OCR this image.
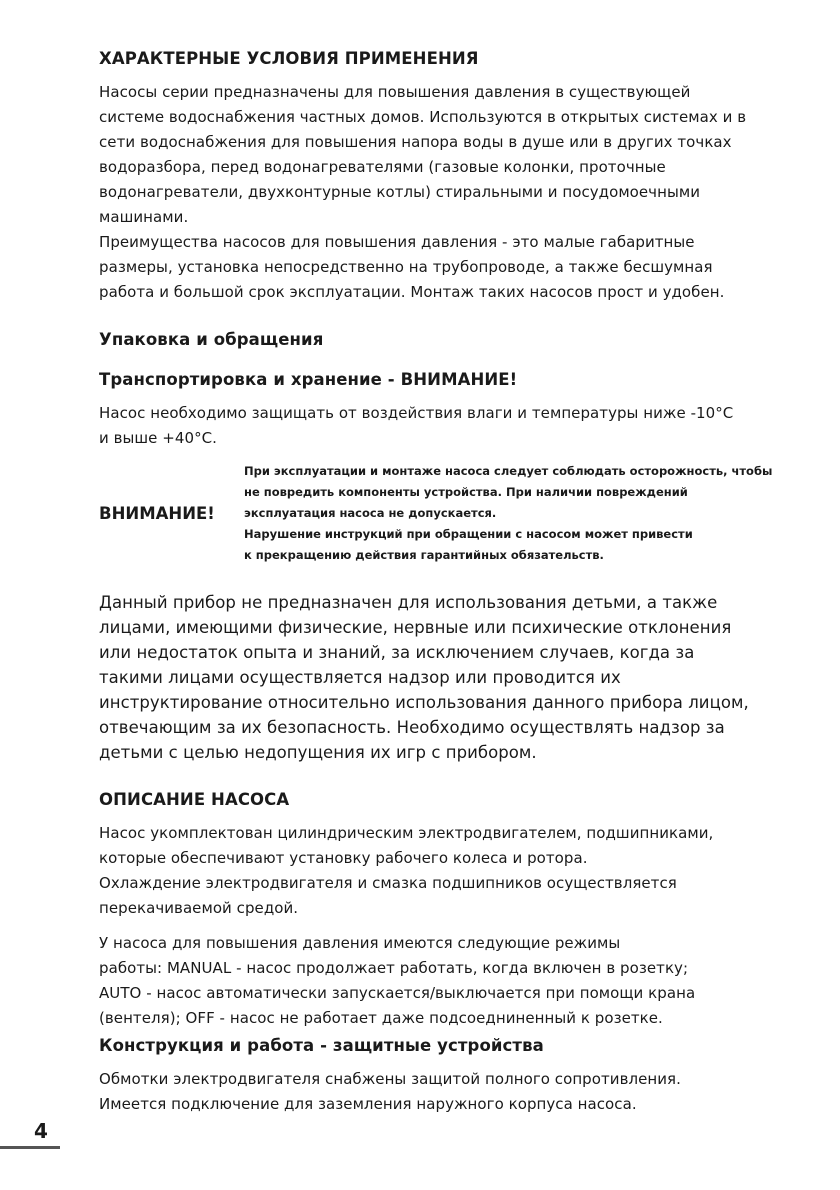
ХАРАКТЕРНЫЕ УСЛОВИЯ ПРИМЕНЕНИЯ

Насосы серии предназначены для повышения давления в существующей
системе водоснабжения частных домов. Используются в открытых системах и в
сети водоснабжения для повышения напора воды в душе или в других точках
водоразбора, перед водонагревателями (газовые колонки, проточные
водонагреватели, двухконтурные котлы) стиральными и посудомоечными
машинами.

Преимущества насосов для повышения давления - это малые габаритные
размеры, установка непосредственно на трубопроводе, а также бесшумная
работа и большой срок эксплуатации. Монтаж таких насосов прост и удобен.

Упаковка и обращения
Транспортировка и хранение - ВНИМАНИЕ!

Насос необходимо защищать от воздействия влаги и температуры ниже -10°C
и выше +40°C.

ВНИМАНИЕ!
При эксплуатации и монтаже насоса следует соблюдать осторожность, чтобы
не повредить компоненты устройства. При наличии повреждений
эксплуатация насоса не допускается.
Нарушение инструкций при обращении с насосом может привести
к прекращению действия гарантийных обязательств.

Данный прибор не предназначен для использования детьми, а также
лицами, имеющими физические, нервные или психические отклонения
или недостаток опыта и знаний, за исключением случаев, когда за
такими лицами осуществляется надзор или проводится их
инструктирование относительно использования данного прибора лицом,
отвечающим за их безопасность. Необходимо осуществлять надзор за
детьми с целью недопущения их игр с прибором.

ОПИСАНИЕ НАСОСА

Насос укомплектован цилиндрическим электродвигателем, подшипниками,
которые обеспечивают установку рабочего колеса и ротора.
Охлаждение электродвигателя и смазка подшипников осуществляется
перекачиваемой средой.

У насоса для повышения давления имеются следующие режимы
работы: MANUAL - насос продолжает работать, когда включен в розетку;
AUTO - насос автоматически запускается/выключается при помощи крана
(вентеля); OFF - насос не работает даже подсоедниненный к розетке.

Конструкция и работа - защитные устройства

Обмотки электродвигателя снабжены защитой полного сопротивления.
Имеется подключение для заземления наружного корпуса насоса.

4
